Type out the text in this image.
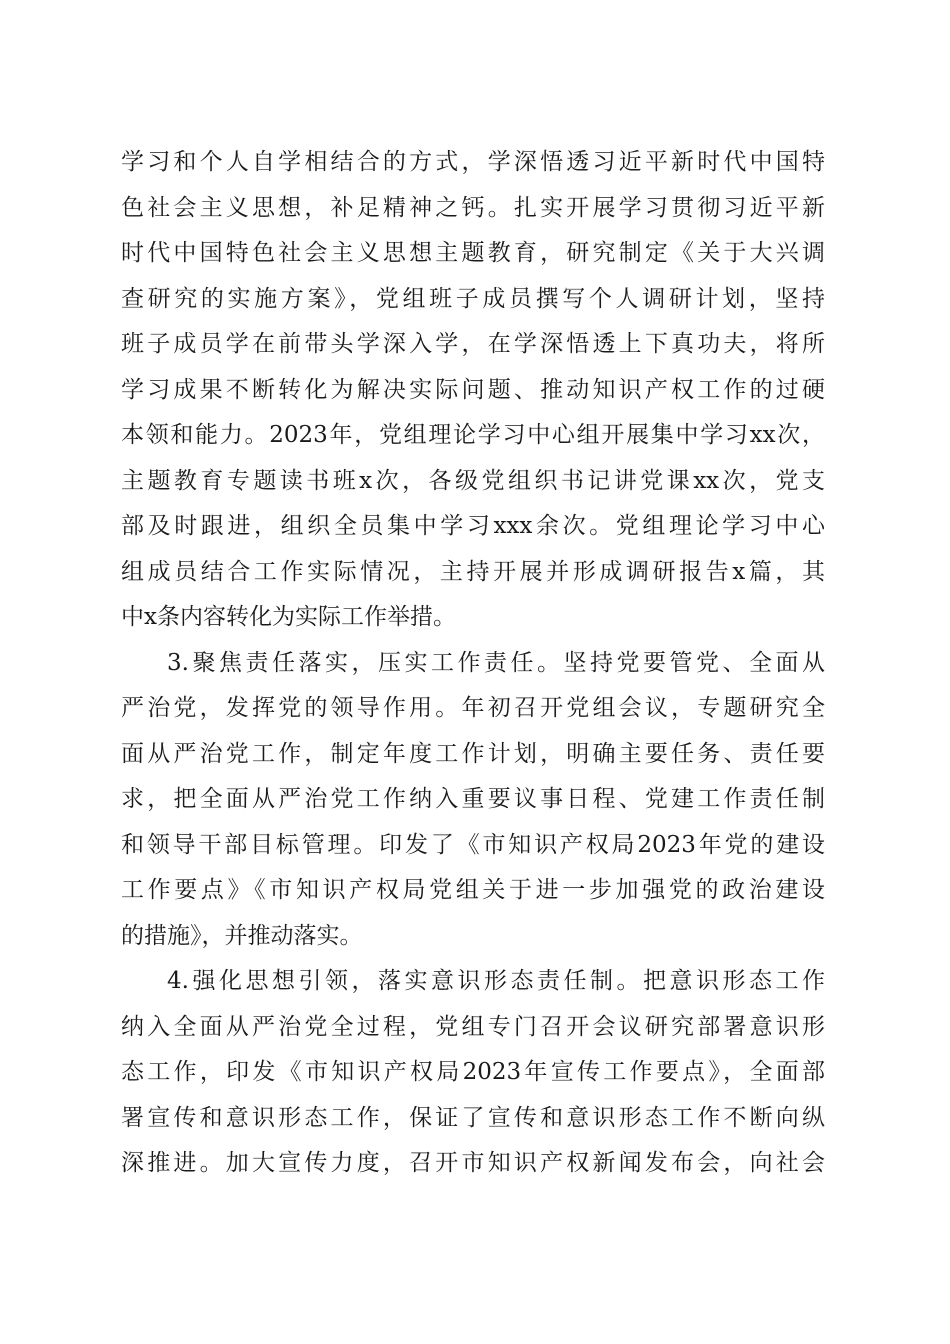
学习和个人自学相结合的方式，学深悟透习近平新时代中国特
色社会主义思想，补足精神之钙。扎实开展学习贯彻习近平新
时代中国特色社会主义思想主题教育，研究制定《关于大兴调
查研究的实施方案》，党组班子成员撰写个人调研计划，坚持
班子成员学在前带头学深入学，在学深悟透上下真功夫，将所
学习成果不断转化为解决实际问题、推动知识产权工作的过硬
本领和能力。2023年，党组理论学习中心组开展集中学习xx次，
主题教育专题读书班x次，各级党组织书记讲党课xx次，党支
部及时跟进，组织全员集中学习xxx余次。党组理论学习中心
组成员结合工作实际情况，主持开展并形成调研报告x篇，其
中x条内容转化为实际工作举措。
3.聚焦责任落实，压实工作责任。坚持党要管党、全面从
严治党，发挥党的领导作用。年初召开党组会议，专题研究全
面从严治党工作，制定年度工作计划，明确主要任务、责任要
求，把全面从严治党工作纳入重要议事日程、党建工作责任制
和领导干部目标管理。印发了《市知识产权局2023年党的建设
工作要点》《市知识产权局党组关于进一步加强党的政治建设
的措施》，并推动落实。
4.强化思想引领，落实意识形态责任制。把意识形态工作
纳入全面从严治党全过程，党组专门召开会议研究部署意识形
态工作，印发《市知识产权局2023年宣传工作要点》，全面部
署宣传和意识形态工作，保证了宣传和意识形态工作不断向纵
深推进。加大宣传力度，召开市知识产权新闻发布会，向社会
